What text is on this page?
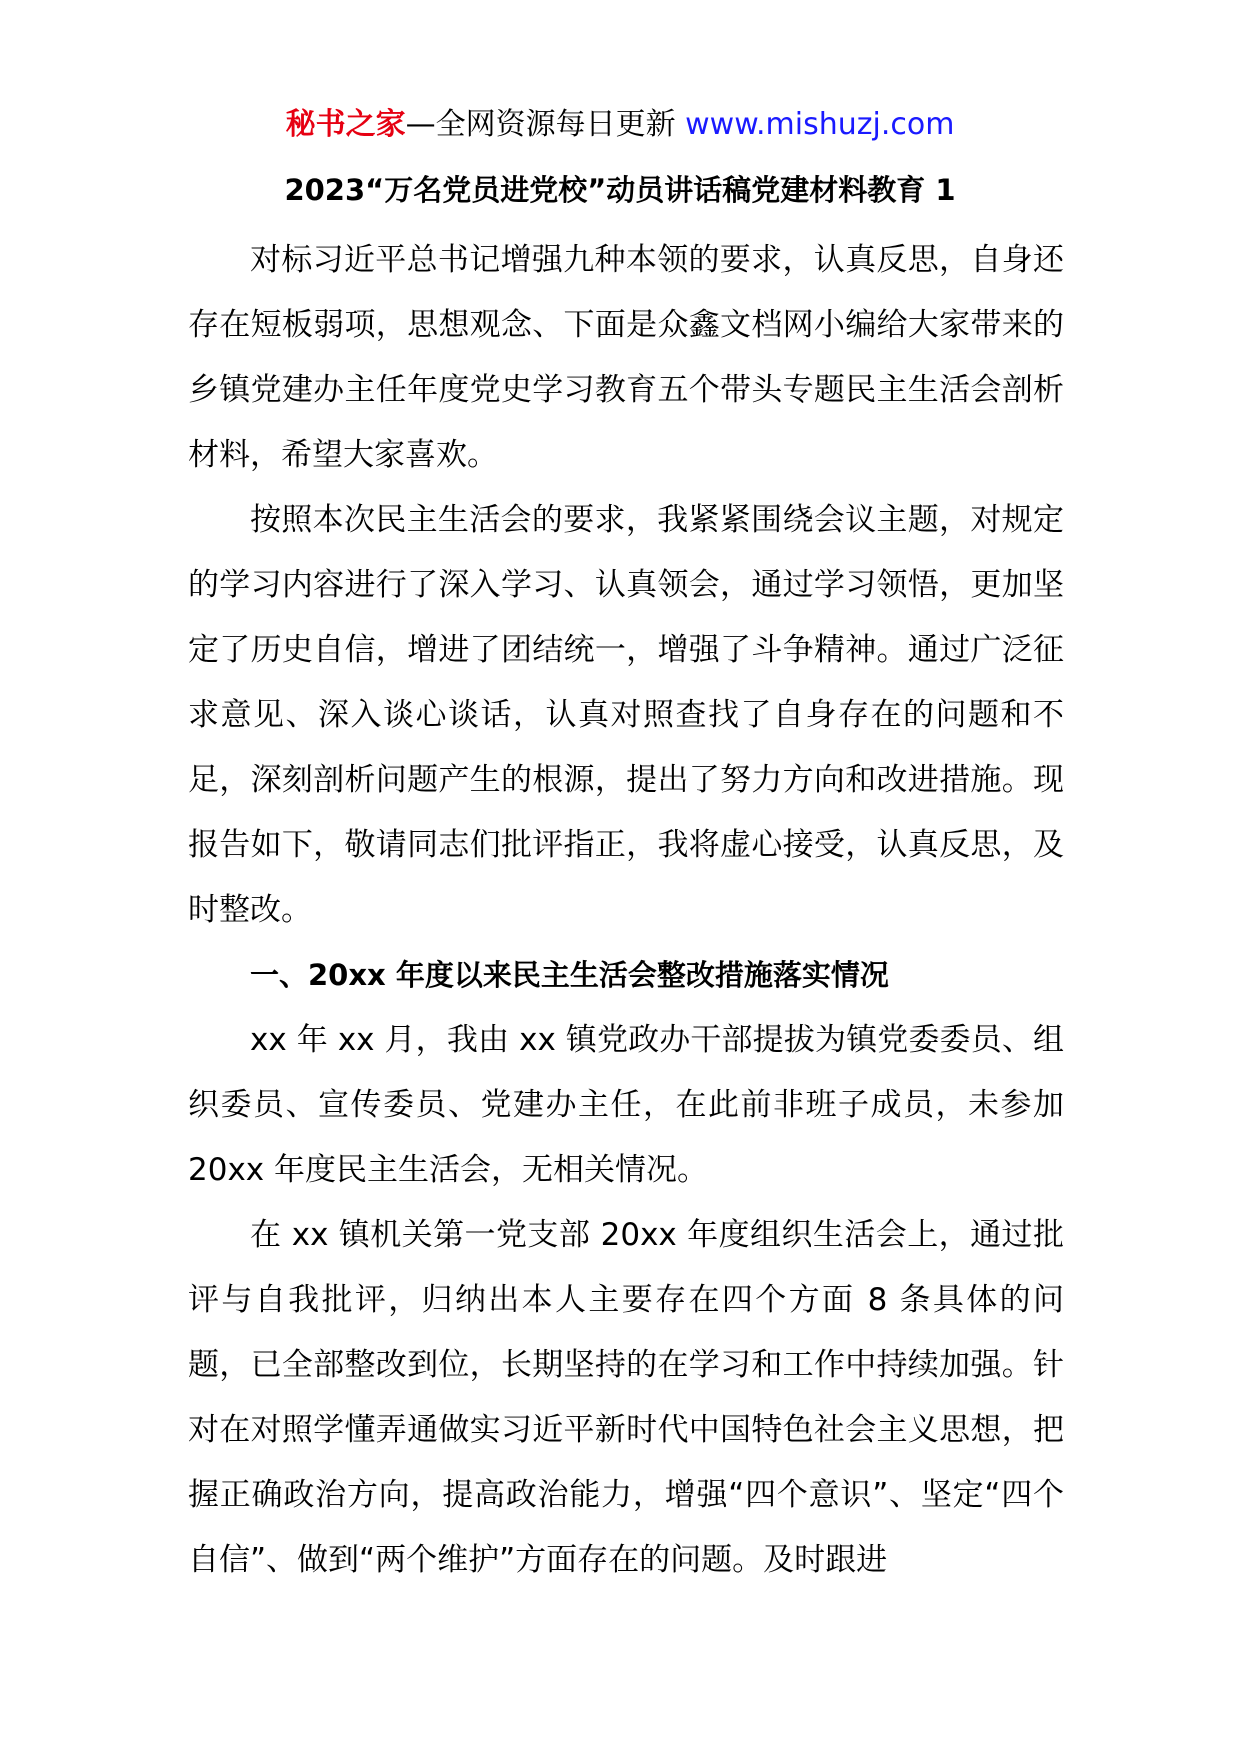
秘书之家—全网资源每日更新 www.mishuzj.com
2023“万名党员进党校”动员讲话稿党建材料教育 1

对标习近平总书记增强九种本领的要求，认真反思，自身还存在短板弱项，思想观念、下面是众鑫文档网小编给大家带来的乡镇党建办主任年度党史学习教育五个带头专题民主生活会剖析材料，希望大家喜欢。

按照本次民主生活会的要求，我紧紧围绕会议主题，对规定的学习内容进行了深入学习、认真领会，通过学习领悟，更加坚定了历史自信，增进了团结统一，增强了斗争精神。通过广泛征求意见、深入谈心谈话，认真对照查找了自身存在的问题和不足，深刻剖析问题产生的根源，提出了努力方向和改进措施。现报告如下，敬请同志们批评指正，我将虚心接受，认真反思，及时整改。

一、20xx 年度以来民主生活会整改措施落实情况

xx 年 xx 月，我由 xx 镇党政办干部提拔为镇党委委员、组织委员、宣传委员、党建办主任，在此前非班子成员，未参加20xx 年度民主生活会，无相关情况。

在 xx 镇机关第一党支部 20xx 年度组织生活会上，通过批评与自我批评，归纳出本人主要存在四个方面 8 条具体的问题，已全部整改到位，长期坚持的在学习和工作中持续加强。针对在对照学懂弄通做实习近平新时代中国特色社会主义思想，把握正确政治方向，提高政治能力，增强“四个意识”、坚定“四个自信”、做到“两个维护”方面存在的问题。及时跟进
